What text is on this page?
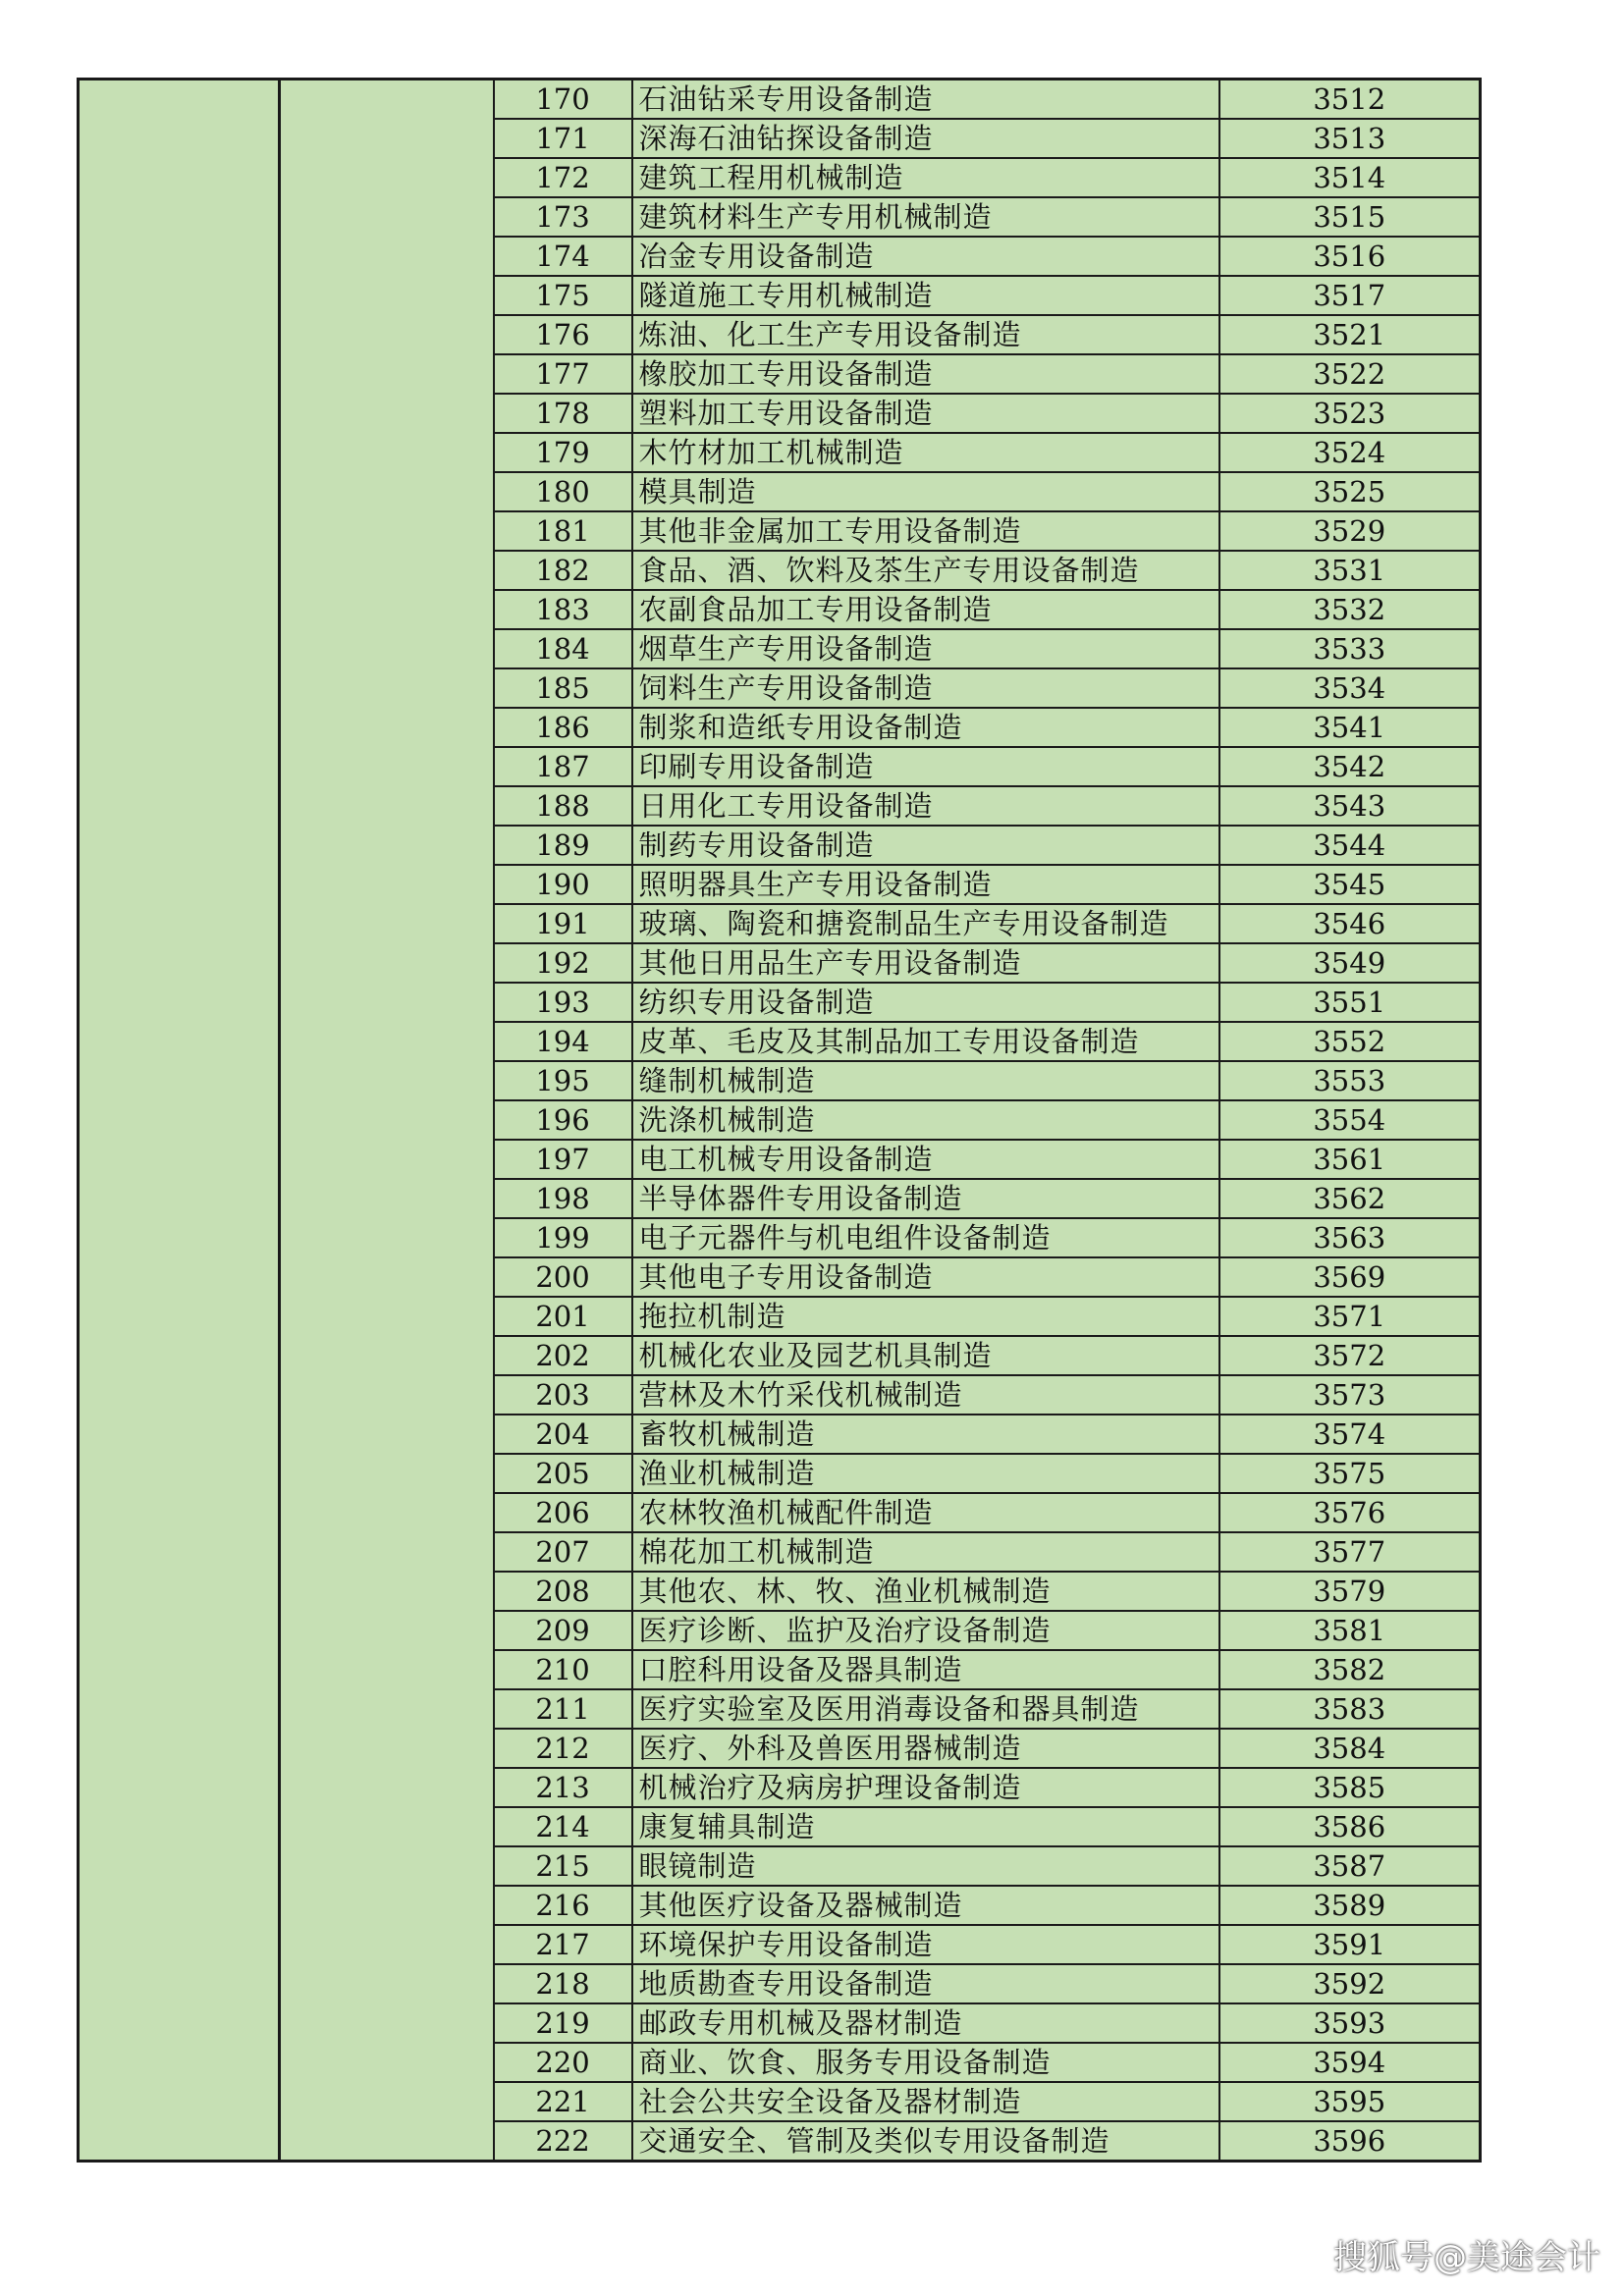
		170	石油钻采专用设备制造	3512
		171	深海石油钻探设备制造	3513
		172	建筑工程用机械制造	3514
		173	建筑材料生产专用机械制造	3515
		174	冶金专用设备制造	3516
		175	隧道施工专用机械制造	3517
		176	炼油、化工生产专用设备制造	3521
		177	橡胶加工专用设备制造	3522
		178	塑料加工专用设备制造	3523
		179	木竹材加工机械制造	3524
		180	模具制造	3525
		181	其他非金属加工专用设备制造	3529
		182	食品、酒、饮料及茶生产专用设备制造	3531
		183	农副食品加工专用设备制造	3532
		184	烟草生产专用设备制造	3533
		185	饲料生产专用设备制造	3534
		186	制浆和造纸专用设备制造	3541
		187	印刷专用设备制造	3542
		188	日用化工专用设备制造	3543
		189	制药专用设备制造	3544
		190	照明器具生产专用设备制造	3545
		191	玻璃、陶瓷和搪瓷制品生产专用设备制造	3546
		192	其他日用品生产专用设备制造	3549
		193	纺织专用设备制造	3551
		194	皮革、毛皮及其制品加工专用设备制造	3552
		195	缝制机械制造	3553
		196	洗涤机械制造	3554
		197	电工机械专用设备制造	3561
		198	半导体器件专用设备制造	3562
		199	电子元器件与机电组件设备制造	3563
		200	其他电子专用设备制造	3569
		201	拖拉机制造	3571
		202	机械化农业及园艺机具制造	3572
		203	营林及木竹采伐机械制造	3573
		204	畜牧机械制造	3574
		205	渔业机械制造	3575
		206	农林牧渔机械配件制造	3576
		207	棉花加工机械制造	3577
		208	其他农、林、牧、渔业机械制造	3579
		209	医疗诊断、监护及治疗设备制造	3581
		210	口腔科用设备及器具制造	3582
		211	医疗实验室及医用消毒设备和器具制造	3583
		212	医疗、外科及兽医用器械制造	3584
		213	机械治疗及病房护理设备制造	3585
		214	康复辅具制造	3586
		215	眼镜制造	3587
		216	其他医疗设备及器械制造	3589
		217	环境保护专用设备制造	3591
		218	地质勘查专用设备制造	3592
		219	邮政专用机械及器材制造	3593
		220	商业、饮食、服务专用设备制造	3594
		221	社会公共安全设备及器材制造	3595
		222	交通安全、管制及类似专用设备制造	3596
搜狐号@美途会计
